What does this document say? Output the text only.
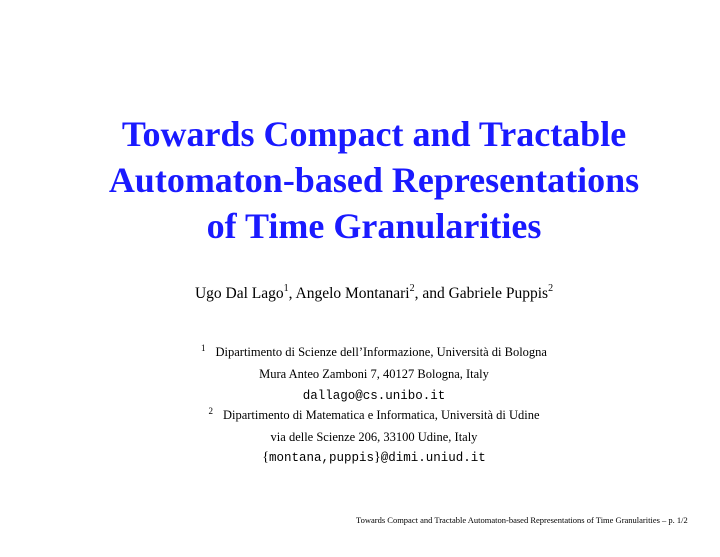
Towards Compact and Tractable
Automaton-based Representations
of Time Granularities
Ugo Dal Lago$^1$, Angelo Montanari$^2$, and Gabriele Puppis$^2$
$^1$ Dipartimento di Scienze dell’Informazione, Università di Bologna
Mura Anteo Zamboni 7, 40127 Bologna, Italy
dallago@cs.unibo.it
$^2$ Dipartimento di Matematica e Informatica, Università di Udine
via delle Scienze 206, 33100 Udine, Italy
{montana,puppis}@dimi.uniud.it
Towards Compact and Tractable Automaton-based Representations of Time Granularities – p. 1/2
